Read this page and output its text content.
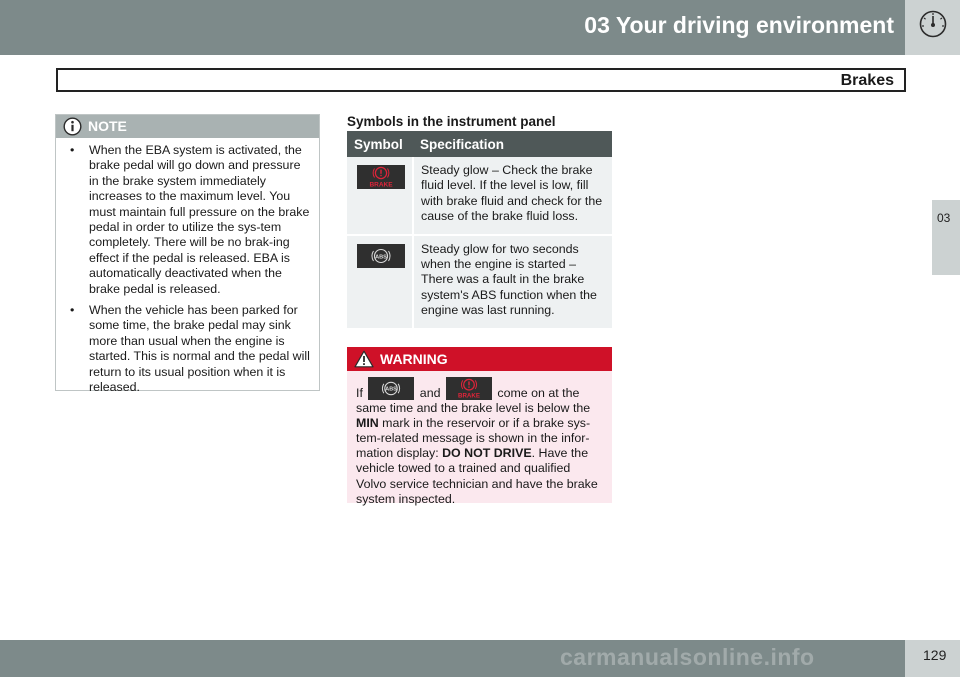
03 Your driving environment
Brakes
03
NOTE
• When the EBA system is activated, the brake pedal will go down and pressure in the brake system immediately increases to the maximum level. You must maintain full pressure on the brake pedal in order to utilize the sys-tem completely. There will be no brak-ing effect if the pedal is released. EBA is automatically deactivated when the brake pedal is released.
• When the vehicle has been parked for some time, the brake pedal may sink more than usual when the engine is started. This is normal and the pedal will return to its usual position when it is released.
Symbols in the instrument panel
Symbol	Specification

BRAKE	Steady glow – Check the brake fluid level. If the level is low, fill with brake fluid and check for the cause of the brake fluid loss.

ABS	Steady glow for two seconds when the engine is started – There was a fault in the brake system's ABS function when the engine was last running.
WARNING
If	ABS and	BRAKE come on at the same time and the brake level is below the MIN mark in the reservoir or if a brake sys-tem-related message is shown in the infor-mation display: DO NOT DRIVE. Have the vehicle towed to a trained and qualified Volvo service technician and have the brake system inspected.
129
carmanualsonline.info
